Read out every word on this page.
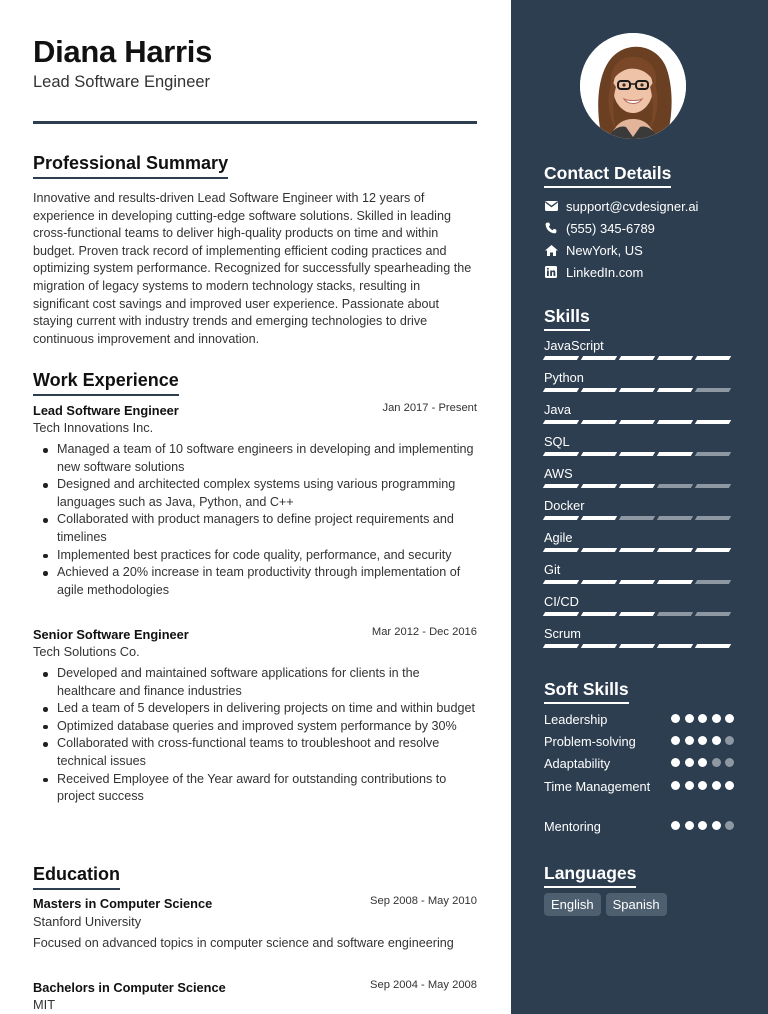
Diana Harris
Lead Software Engineer
Professional Summary
Innovative and results-driven Lead Software Engineer with 12 years of experience in developing cutting-edge software solutions. Skilled in leading cross-functional teams to deliver high-quality products on time and within budget. Proven track record of implementing efficient coding practices and optimizing system performance. Recognized for successfully spearheading the migration of legacy systems to modern technology stacks, resulting in significant cost savings and improved user experience. Passionate about staying current with industry trends and emerging technologies to drive continuous improvement and innovation.
Work Experience
Lead Software Engineer	Jan 2017 - Present
Tech Innovations Inc.
Managed a team of 10 software engineers in developing and implementing new software solutions
Designed and architected complex systems using various programming languages such as Java, Python, and C++
Collaborated with product managers to define project requirements and timelines
Implemented best practices for code quality, performance, and security
Achieved a 20% increase in team productivity through implementation of agile methodologies
Senior Software Engineer	Mar 2012 - Dec 2016
Tech Solutions Co.
Developed and maintained software applications for clients in the healthcare and finance industries
Led a team of 5 developers in delivering projects on time and within budget
Optimized database queries and improved system performance by 30%
Collaborated with cross-functional teams to troubleshoot and resolve technical issues
Received Employee of the Year award for outstanding contributions to project success
Education
Masters in Computer Science	Sep 2008 - May 2010
Stanford University
Focused on advanced topics in computer science and software engineering
Bachelors in Computer Science	Sep 2004 - May 2008
MIT
Contact Details
support@cvdesigner.ai
(555) 345-6789
NewYork, US
LinkedIn.com
Skills
JavaScript
Python
Java
SQL
AWS
Docker
Agile
Git
CI/CD
Scrum
Soft Skills
Leadership
Problem-solving
Adaptability
Time Management
Mentoring
Languages
English	Spanish
